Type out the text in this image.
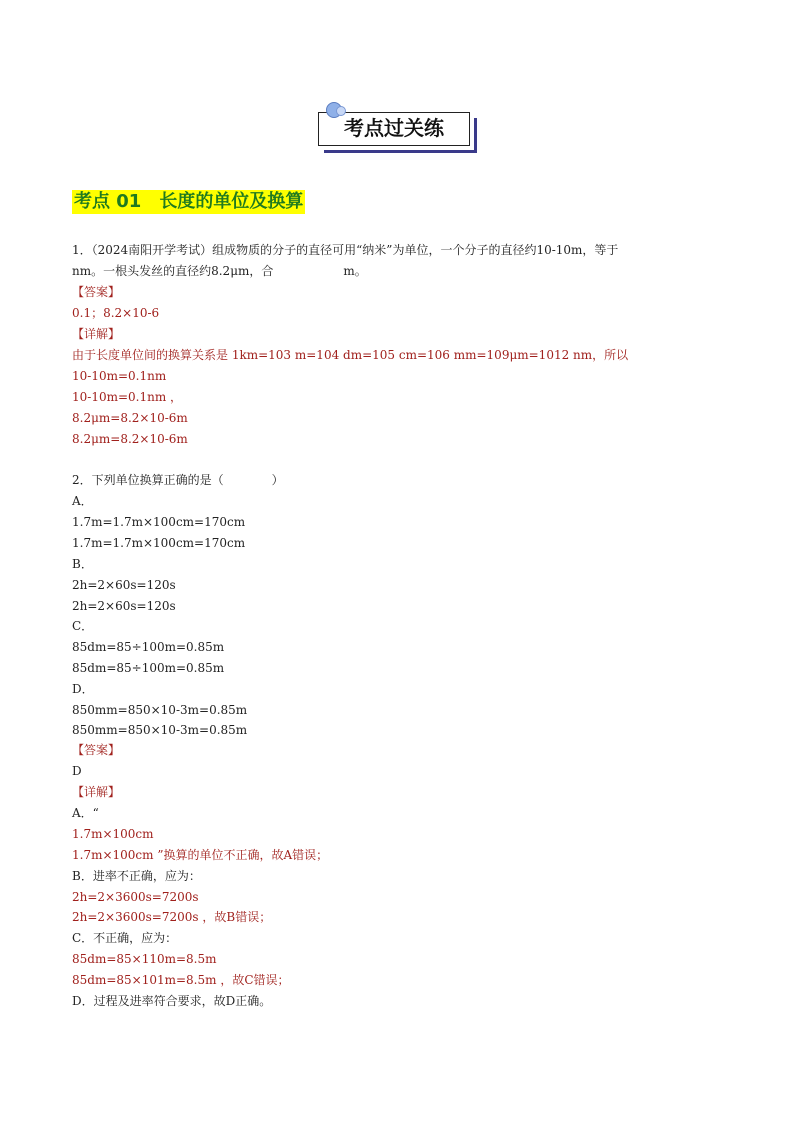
考点过关练
考点 01 长度的单位及换算
1．（2024南阳开学考试）组成物质的分子的直径可用“纳米”为单位，一个分子的直径约10-10m，等于
nm。一根头发丝的直径约8.2μm，合	m。
【答案】
0.1；8.2×10-6
【详解】
由于长度单位间的换算关系是 1km=103 m=104 dm=105 cm=106 mm=109μm=1012 nm，所以
10-10m=0.1nm
10-10m=0.1nm ，
8.2μm=8.2×10-6m
8.2μm=8.2×10-6m
2．下列单位换算正确的是（	）
A．
1.7m=1.7m×100cm=170cm
1.7m=1.7m×100cm=170cm
B．
2h=2×60s=120s
2h=2×60s=120s
C．
85dm=85÷100m=0.85m
85dm=85÷100m=0.85m
D．
850mm=850×10-3m=0.85m
850mm=850×10-3m=0.85m
【答案】
D
【详解】
A．“
1.7m×100cm
1.7m×100cm ”换算的单位不正确，故A错误；
B．进率不正确，应为：
2h=2×3600s=7200s
2h=2×3600s=7200s ，故B错误；
C．不正确，应为：
85dm=85×110m=8.5m
85dm=85×101m=8.5m ，故C错误；
D．过程及进率符合要求，故D正确。
